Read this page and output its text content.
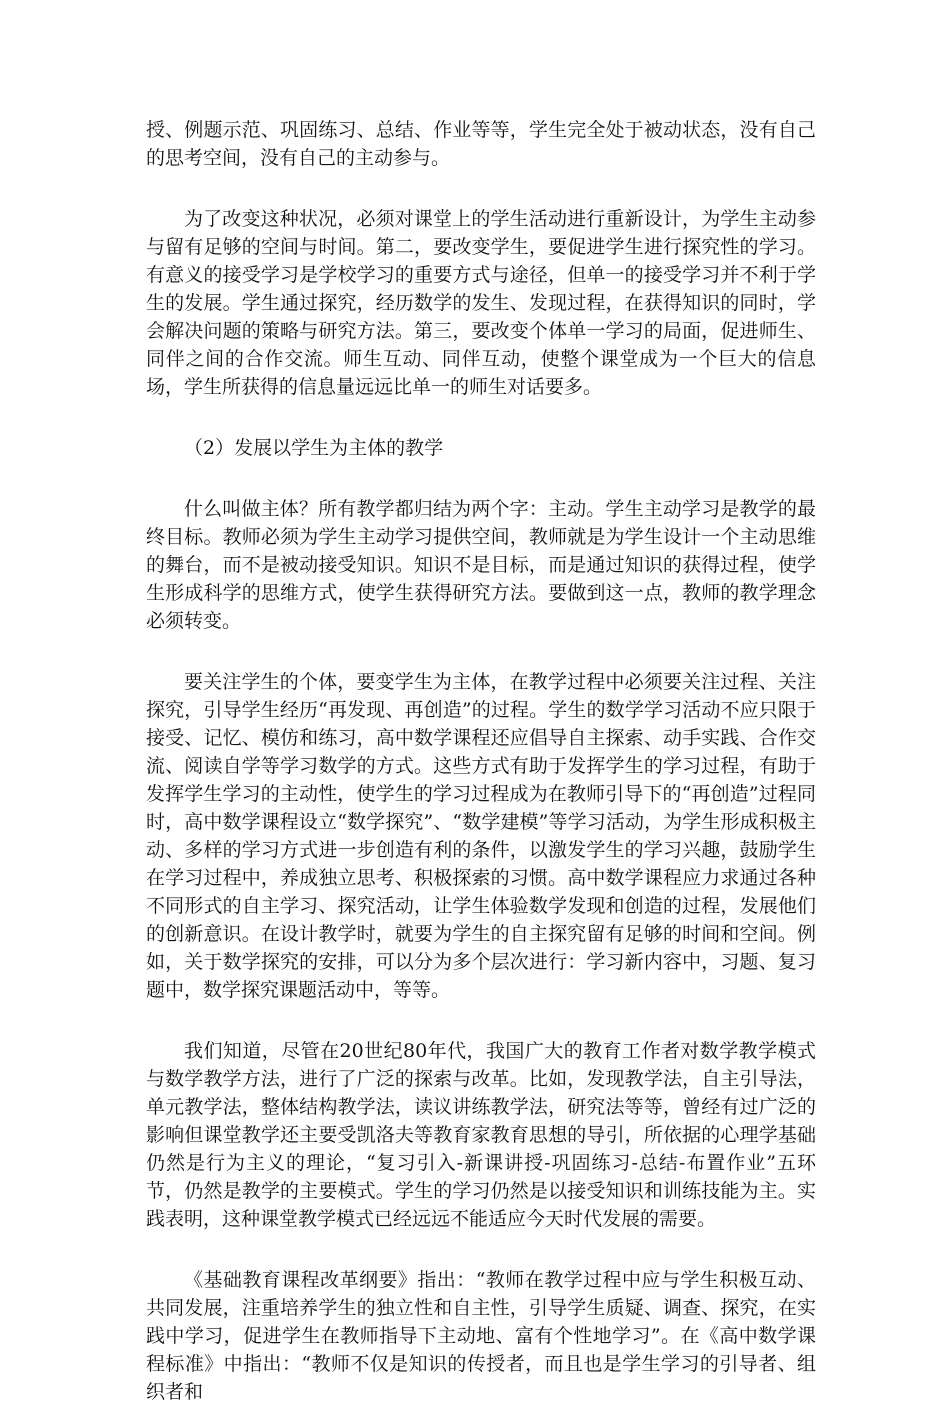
授、例题示范、巩固练习、总结、作业等等，学生完全处于被动状态，没有自己的思考空间，没有自己的主动参与。

为了改变这种状况，必须对课堂上的学生活动进行重新设计，为学生主动参与留有足够的空间与时间。第二，要改变学生，要促进学生进行探究性的学习。有意义的接受学习是学校学习的重要方式与途径，但单一的接受学习并不利于学生的发展。学生通过探究，经历数学的发生、发现过程，在获得知识的同时，学会解决问题的策略与研究方法。第三，要改变个体单一学习的局面，促进师生、同伴之间的合作交流。师生互动、同伴互动，使整个课堂成为一个巨大的信息场，学生所获得的信息量远远比单一的师生对话要多。

（2）发展以学生为主体的教学

什么叫做主体？所有教学都归结为两个字：主动。学生主动学习是教学的最终目标。教师必须为学生主动学习提供空间，教师就是为学生设计一个主动思维的舞台，而不是被动接受知识。知识不是目标，而是通过知识的获得过程，使学生形成科学的思维方式，使学生获得研究方法。要做到这一点，教师的教学理念必须转变。

要关注学生的个体，要变学生为主体，在教学过程中必须要关注过程、关注探究，引导学生经历“再发现、再创造”的过程。学生的数学学习活动不应只限于接受、记忆、模仿和练习，高中数学课程还应倡导自主探索、动手实践、合作交流、阅读自学等学习数学的方式。这些方式有助于发挥学生的学习过程，有助于发挥学生学习的主动性，使学生的学习过程成为在教师引导下的“再创造”过程同时，高中数学课程设立“数学探究”、“数学建模”等学习活动，为学生形成积极主动、多样的学习方式进一步创造有利的条件，以激发学生的学习兴趣，鼓励学生在学习过程中，养成独立思考、积极探索的习惯。高中数学课程应力求通过各种不同形式的自主学习、探究活动，让学生体验数学发现和创造的过程，发展他们的创新意识。在设计教学时，就要为学生的自主探究留有足够的时间和空间。例如，关于数学探究的安排，可以分为多个层次进行：学习新内容中，习题、复习题中，数学探究课题活动中，等等。

我们知道，尽管在20世纪80年代，我国广大的教育工作者对数学教学模式与数学教学方法，进行了广泛的探索与改革。比如，发现教学法，自主引导法，单元教学法，整体结构教学法，读议讲练教学法，研究法等等，曾经有过广泛的影响但课堂教学还主要受凯洛夫等教育家教育思想的导引，所依据的心理学基础仍然是行为主义的理论，“复习引入-新课讲授-巩固练习-总结-布置作业”五环节，仍然是教学的主要模式。学生的学习仍然是以接受知识和训练技能为主。实践表明，这种课堂教学模式已经远远不能适应今天时代发展的需要。

《基础教育课程改革纲要》指出：“教师在教学过程中应与学生积极互动、共同发展，注重培养学生的独立性和自主性，引导学生质疑、调查、探究，在实践中学习，促进学生在教师指导下主动地、富有个性地学习”。在《高中数学课程标准》中指出：“教师不仅是知识的传授者，而且也是学生学习的引导者、组织者和
